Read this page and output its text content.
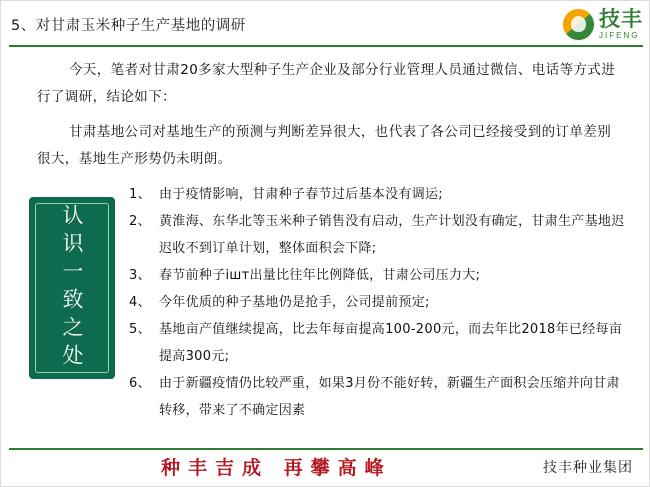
5、对甘肃玉米种子生产基地的调研	技丰
JIFENG
今天，笔者对甘肃20多家大型种子生产企业及部分行业管理人员通过微信、电话等方式进行了调研，结论如下：
甘肃基地公司对基地生产的预测与判断差异很大，也代表了各公司已经接受到的订单差别很大，基地生产形势仍未明朗。
认识一致之处
1、 由于疫情影响，甘肃种子春节过后基本没有调运;
2、 黄淮海、东华北等玉米种子销售没有启动，生产计划没有确定，甘肃生产基地迟迟收不到订单计划，整体面积会下降;
3、 春节前种子ішт出量比往年比例降低，甘肃公司压力大;
4、 今年优质的种子基地仍是抢手，公司提前预定;
5、 基地亩产值继续提高，比去年每亩提高100-200元，而去年比2018年已经每亩提高300元;
6、 由于新疆疫情仍比较严重，如果3月份不能好转，新疆生产面积会压缩并向甘肃转移，带来了不确定因素
种丰吉成 再攀高峰	技丰种业集团
